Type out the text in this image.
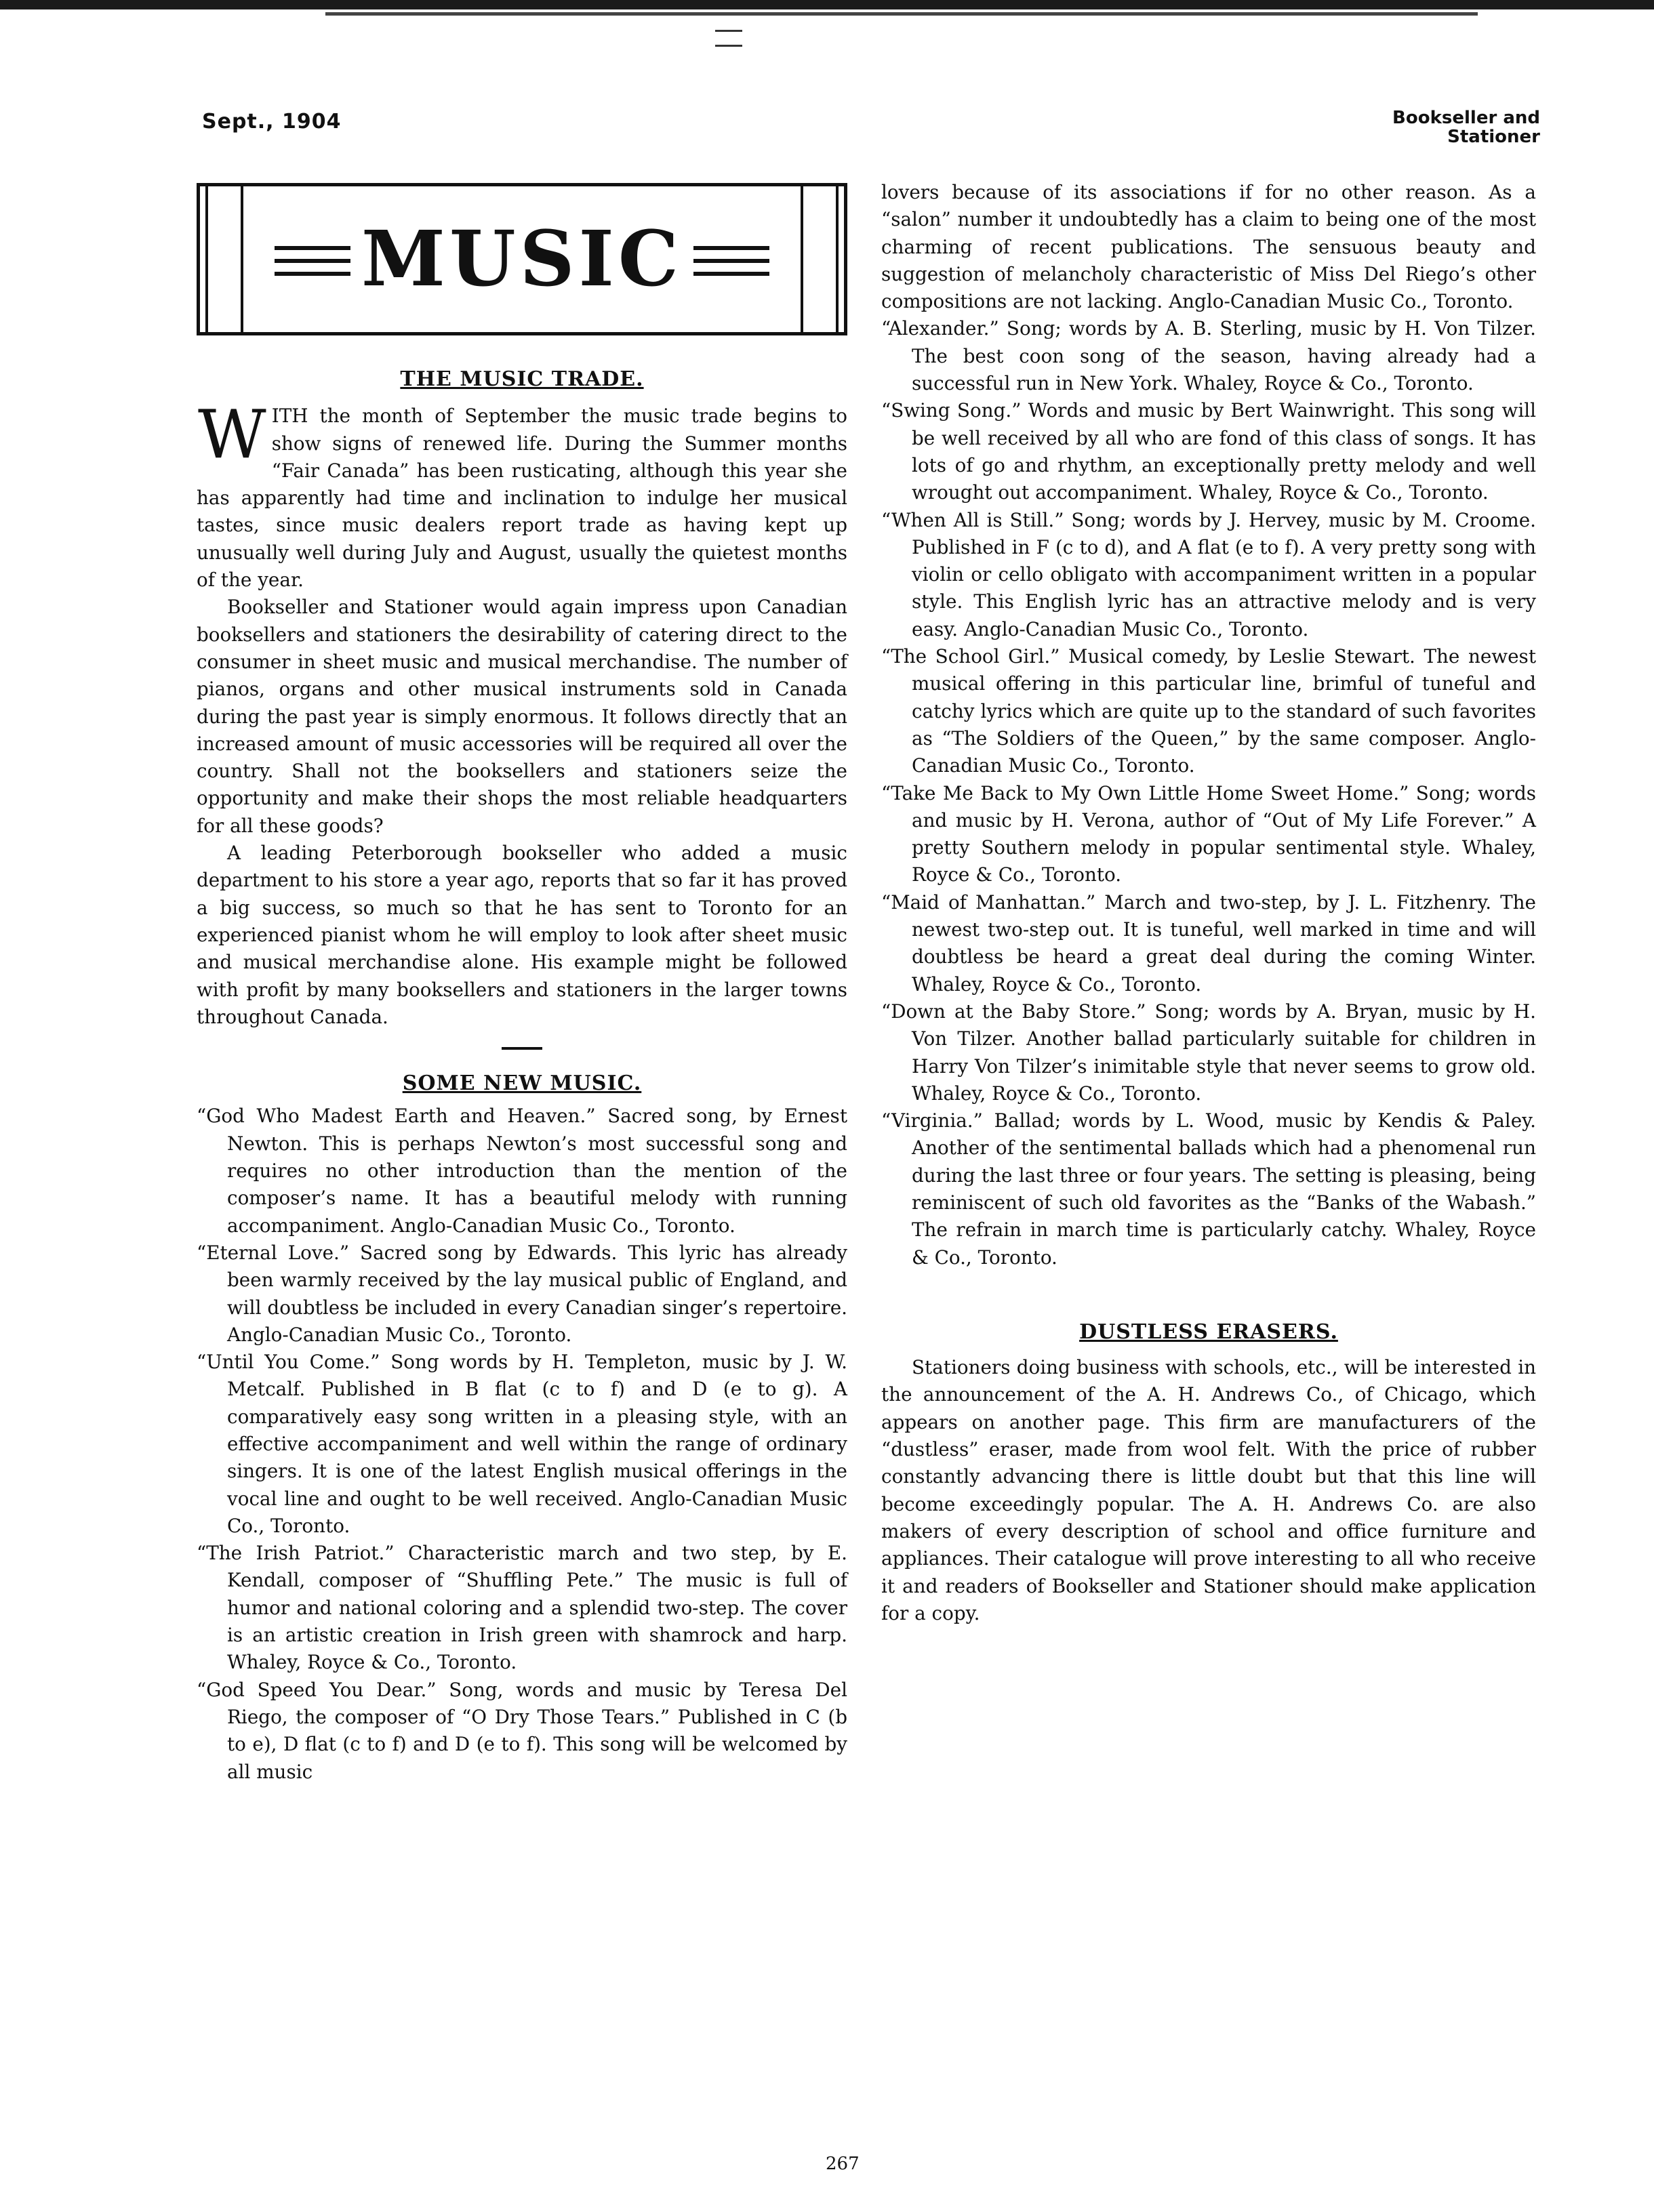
Sept., 1904	Bookseller and
Stationer
MUSIC

THE MUSIC TRADE.

WITH the month of September the music trade begins to show signs of renewed life. During the Summer months “Fair Canada” has been rusticating, although this year she has apparently had time and inclination to indulge her musical tastes, since music dealers report trade as having kept up unusually well during July and August, usually the quietest months of the year.

Bookseller and Stationer would again impress upon Canadian booksellers and stationers the desirability of catering direct to the consumer in sheet music and musical merchandise. The number of pianos, organs and other musical instruments sold in Canada during the past year is simply enormous. It follows directly that an increased amount of music accessories will be required all over the country. Shall not the booksellers and stationers seize the opportunity and make their shops the most reliable headquarters for all these goods?

A leading Peterborough bookseller who added a music department to his store a year ago, reports that so far it has proved a big success, so much so that he has sent to Toronto for an experienced pianist whom he will employ to look after sheet music and musical merchandise alone. His example might be followed with profit by many booksellers and stationers in the larger towns throughout Canada.

SOME NEW MUSIC.

“God Who Madest Earth and Heaven.” Sacred song, by Ernest Newton. This is perhaps Newton’s most successful song and requires no other introduction than the mention of the composer’s name. It has a beautiful melody with running accompaniment. Anglo-Canadian Music Co., Toronto.

“Eternal Love.” Sacred song by Edwards. This lyric has already been warmly received by the lay musical public of England, and will doubtless be included in every Canadian singer’s repertoire. Anglo-Canadian Music Co., Toronto.

“Until You Come.” Song words by H. Templeton, music by J. W. Metcalf. Published in B flat (c to f) and D (e to g). A comparatively easy song written in a pleasing style, with an effective accompaniment and well within the range of ordinary singers. It is one of the latest English musical offerings in the vocal line and ought to be well received. Anglo-Canadian Music Co., Toronto.

“The Irish Patriot.” Characteristic march and two step, by E. Kendall, composer of “Shuffling Pete.” The music is full of humor and national coloring and a splendid two-step. The cover is an artistic creation in Irish green with shamrock and harp. Whaley, Royce & Co., Toronto.

“God Speed You Dear.” Song, words and music by Teresa Del Riego, the composer of “O Dry Those Tears.” Published in C (b to e), D flat (c to f) and D (e to f). This song will be welcomed by all music

lovers because of its associations if for no other reason. As a “salon” number it undoubtedly has a claim to being one of the most charming of recent publications. The sensuous beauty and suggestion of melancholy characteristic of Miss Del Riego’s other compositions are not lacking. Anglo-Canadian Music Co., Toronto.

“Alexander.” Song; words by A. B. Sterling, music by H. Von Tilzer. The best coon song of the season, having already had a successful run in New York. Whaley, Royce & Co., Toronto.

“Swing Song.” Words and music by Bert Wainwright. This song will be well received by all who are fond of this class of songs. It has lots of go and rhythm, an exceptionally pretty melody and well wrought out accompaniment. Whaley, Royce & Co., Toronto.

“When All is Still.” Song; words by J. Hervey, music by M. Croome. Published in F (c to d), and A flat (e to f). A very pretty song with violin or cello obligato with accompaniment written in a popular style. This English lyric has an attractive melody and is very easy. Anglo-Canadian Music Co., Toronto.

“The School Girl.” Musical comedy, by Leslie Stewart. The newest musical offering in this particular line, brimful of tuneful and catchy lyrics which are quite up to the standard of such favorites as “The Soldiers of the Queen,” by the same composer. Anglo-Canadian Music Co., Toronto.

“Take Me Back to My Own Little Home Sweet Home.” Song; words and music by H. Verona, author of “Out of My Life Forever.” A pretty Southern melody in popular sentimental style. Whaley, Royce & Co., Toronto.

“Maid of Manhattan.” March and two-step, by J. L. Fitzhenry. The newest two-step out. It is tuneful, well marked in time and will doubtless be heard a great deal during the coming Winter. Whaley, Royce & Co., Toronto.

“Down at the Baby Store.” Song; words by A. Bryan, music by H. Von Tilzer. Another ballad particularly suitable for children in Harry Von Tilzer’s inimitable style that never seems to grow old. Whaley, Royce & Co., Toronto.

“Virginia.” Ballad; words by L. Wood, music by Kendis & Paley. Another of the sentimental ballads which had a phenomenal run during the last three or four years. The setting is pleasing, being reminiscent of such old favorites as the “Banks of the Wabash.” The refrain in march time is particularly catchy. Whaley, Royce & Co., Toronto.

DUSTLESS ERASERS.

Stationers doing business with schools, etc., will be interested in the announcement of the A. H. Andrews Co., of Chicago, which appears on another page. This firm are manufacturers of the “dustless” eraser, made from wool felt. With the price of rubber constantly advancing there is little doubt but that this line will become exceedingly popular. The A. H. Andrews Co. are also makers of every description of school and office furniture and appliances. Their catalogue will prove interesting to all who receive it and readers of Bookseller and Stationer should make application for a copy.

267
